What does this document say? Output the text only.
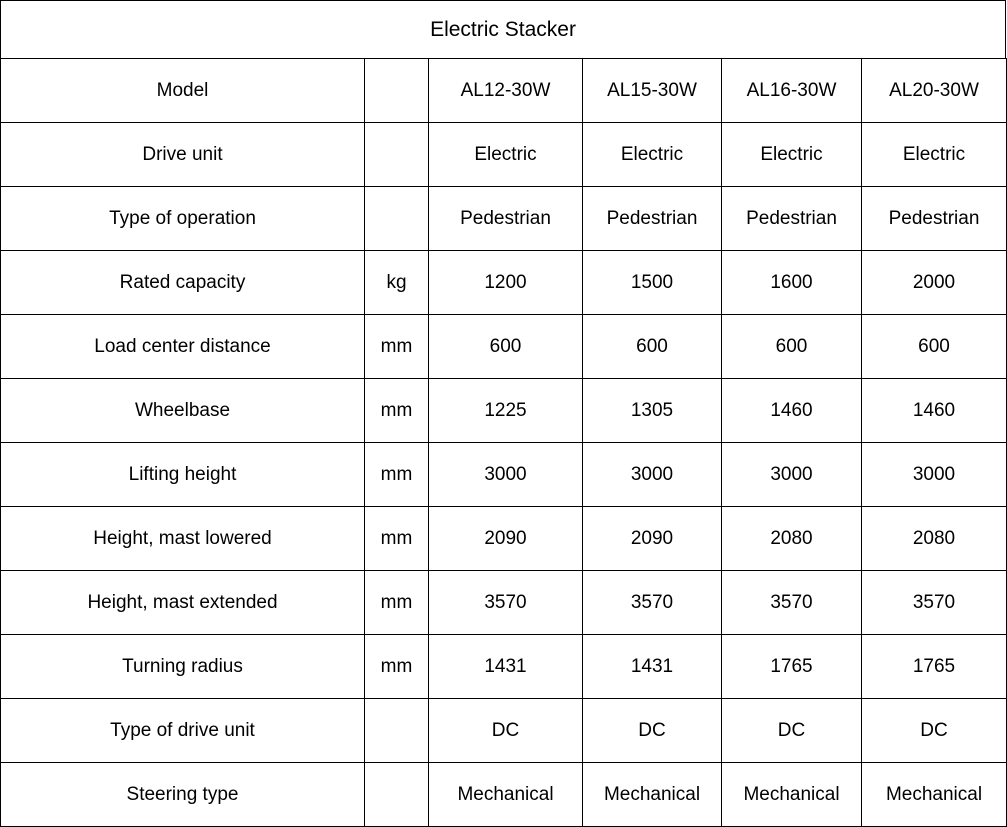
Electric Stacker
Model		AL12-30W	AL15-30W	AL16-30W	AL20-30W
Drive unit		Electric	Electric	Electric	Electric
Type of operation		Pedestrian	Pedestrian	Pedestrian	Pedestrian
Rated capacity	kg	1200	1500	1600	2000
Load center distance	mm	600	600	600	600
Wheelbase	mm	1225	1305	1460	1460
Lifting height	mm	3000	3000	3000	3000
Height, mast lowered	mm	2090	2090	2080	2080
Height, mast extended	mm	3570	3570	3570	3570
Turning radius	mm	1431	1431	1765	1765
Type of drive unit		DC	DC	DC	DC
Steering type		Mechanical	Mechanical	Mechanical	Mechanical
